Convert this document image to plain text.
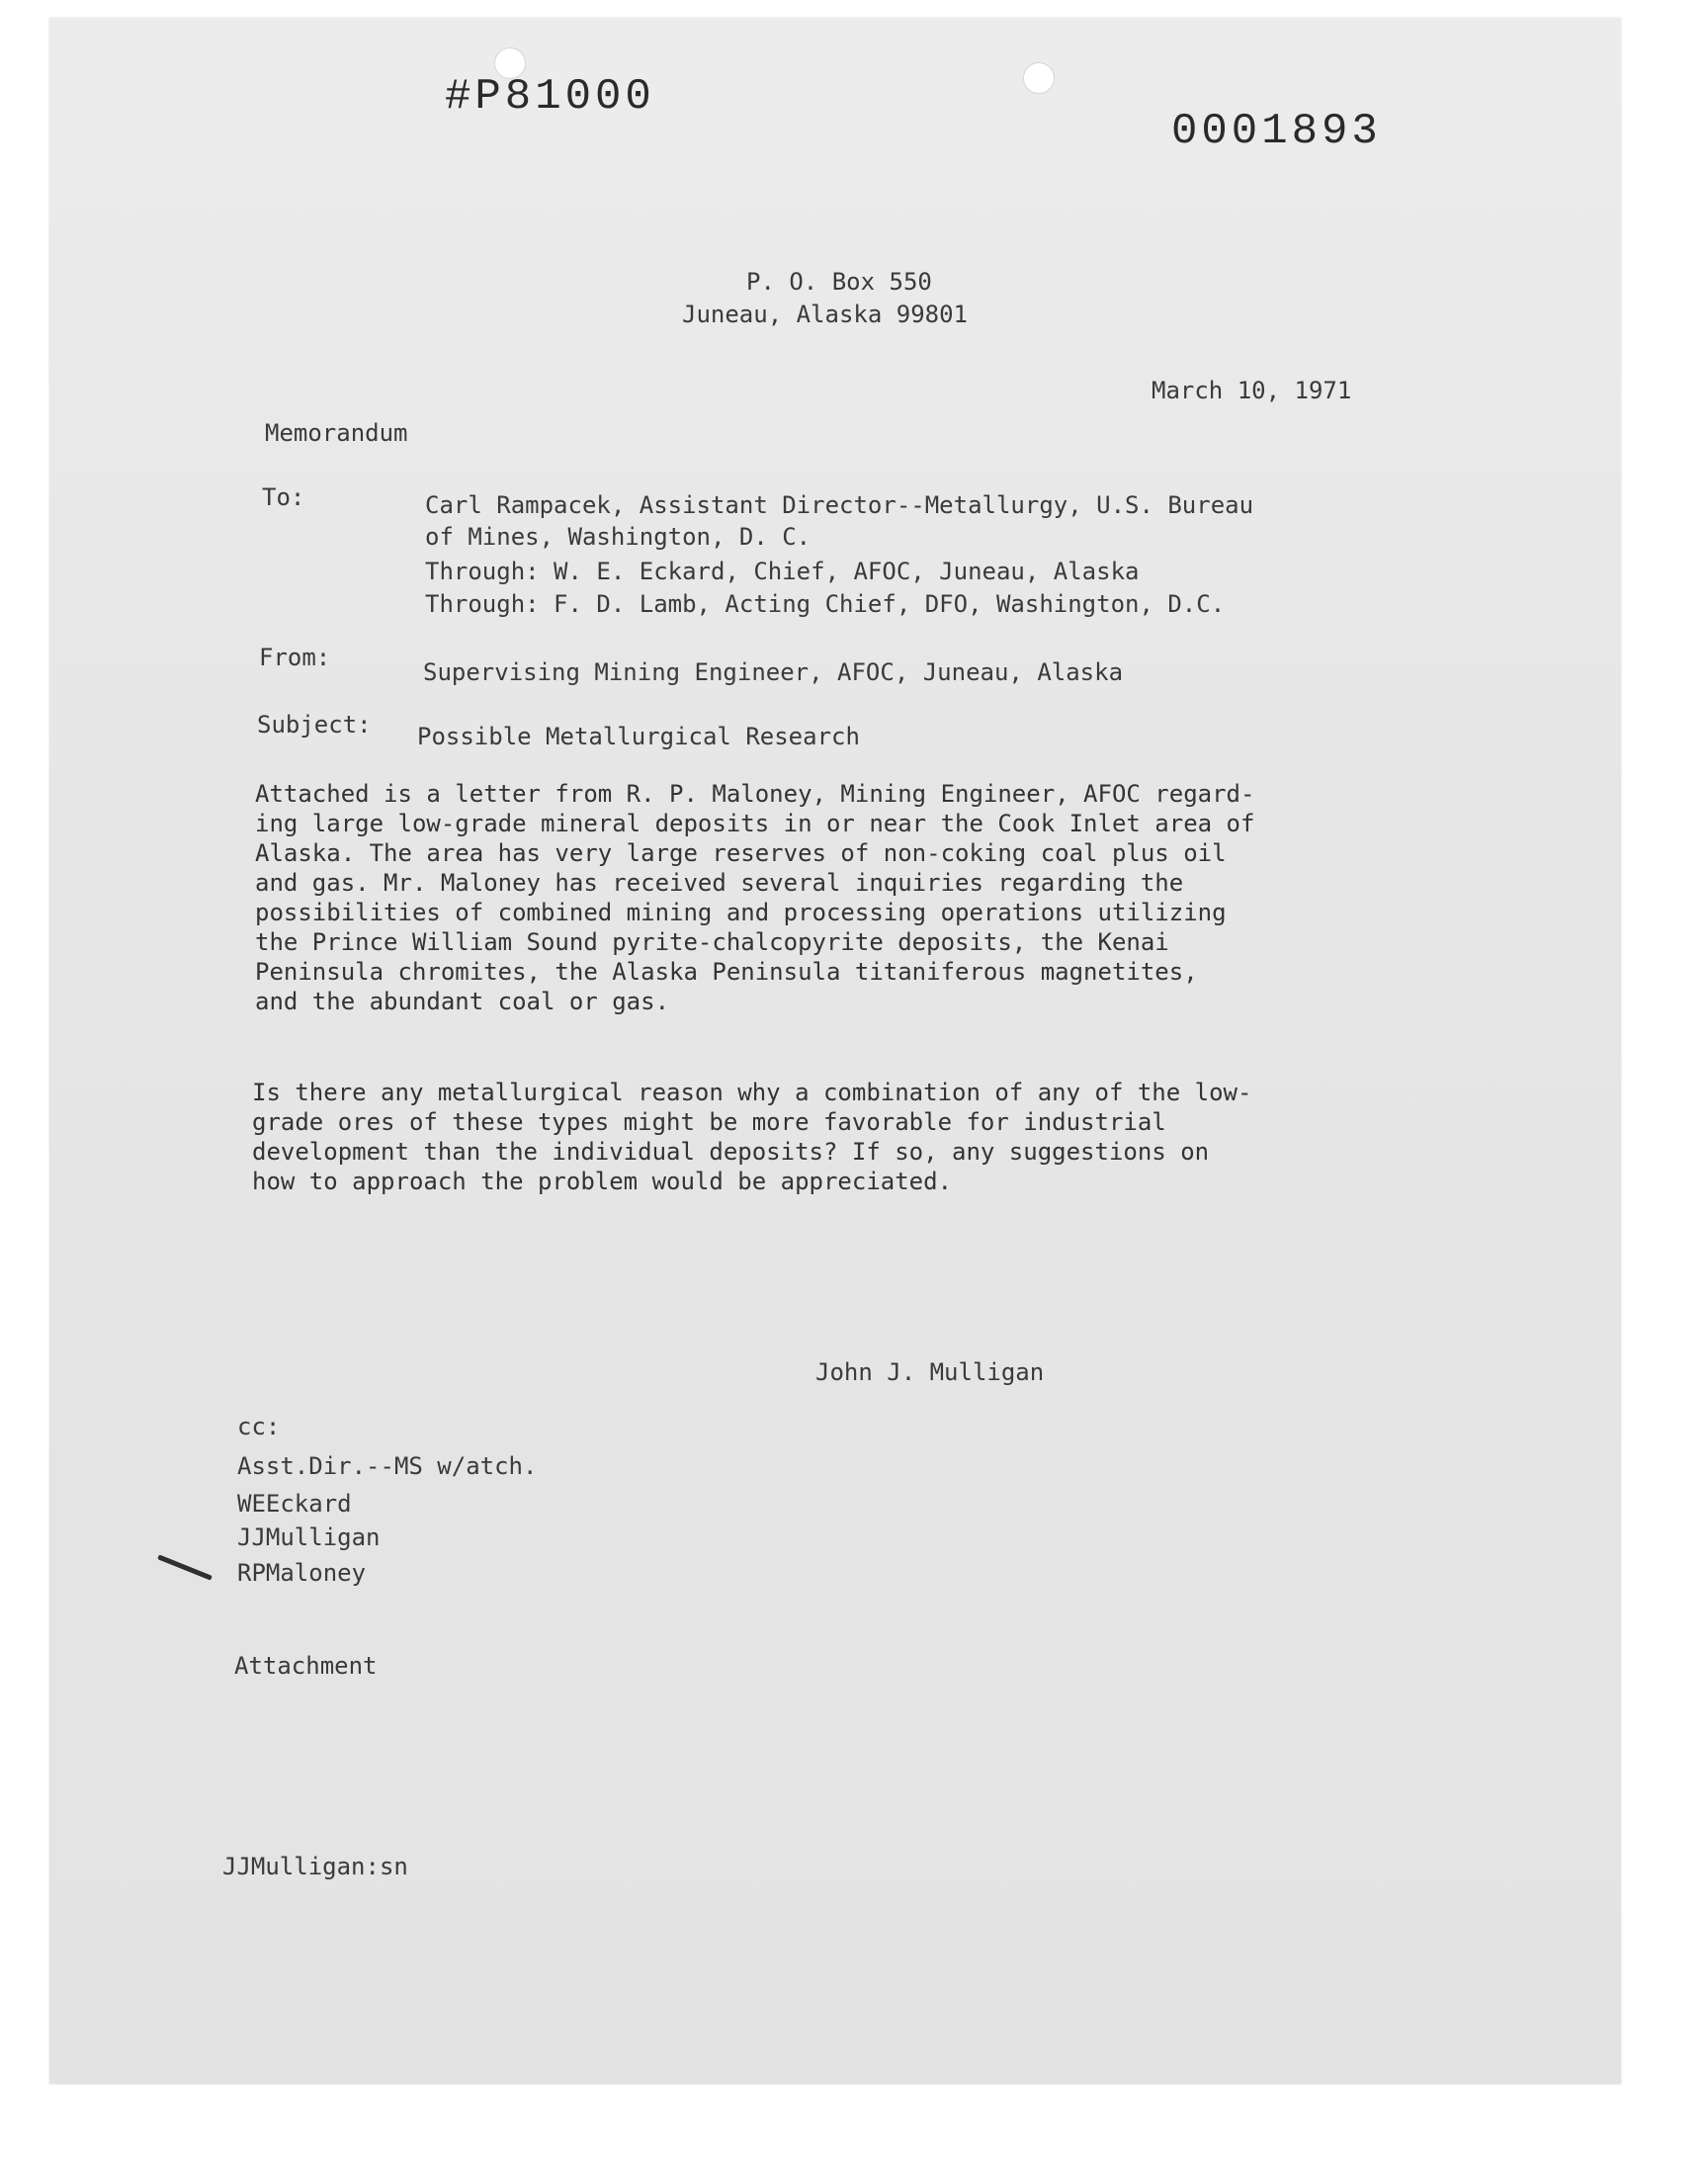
#P81000
0001893
P. O. Box 550
Juneau, Alaska 99801
March 10, 1971
Memorandum
To:	Carl Rampacek, Assistant Director--Metallurgy, U.S. Bureau
of Mines, Washington, D. C.
Through: W. E. Eckard, Chief, AFOC, Juneau, Alaska
Through: F. D. Lamb, Acting Chief, DFO, Washington, D.C.
From:
Supervising Mining Engineer, AFOC, Juneau, Alaska
Subject: Possible Metallurgical Research
Attached is a letter from R. P. Maloney, Mining Engineer, AFOC regard-
ing large low-grade mineral deposits in or near the Cook Inlet area of
Alaska. The area has very large reserves of non-coking coal plus oil
and gas. Mr. Maloney has received several inquiries regarding the
possibilities of combined mining and processing operations utilizing
the Prince William Sound pyrite-chalcopyrite deposits, the Kenai
Peninsula chromites, the Alaska Peninsula titaniferous magnetites,
and the abundant coal or gas.
Is there any metallurgical reason why a combination of any of the low-
grade ores of these types might be more favorable for industrial
development than the individual deposits? If so, any suggestions on
how to approach the problem would be appreciated.
John J. Mulligan
cc:
Asst.Dir.--MS w/atch.
WEEckard
JJMulligan
RPMaloney
Attachment
JJMulligan:sn
